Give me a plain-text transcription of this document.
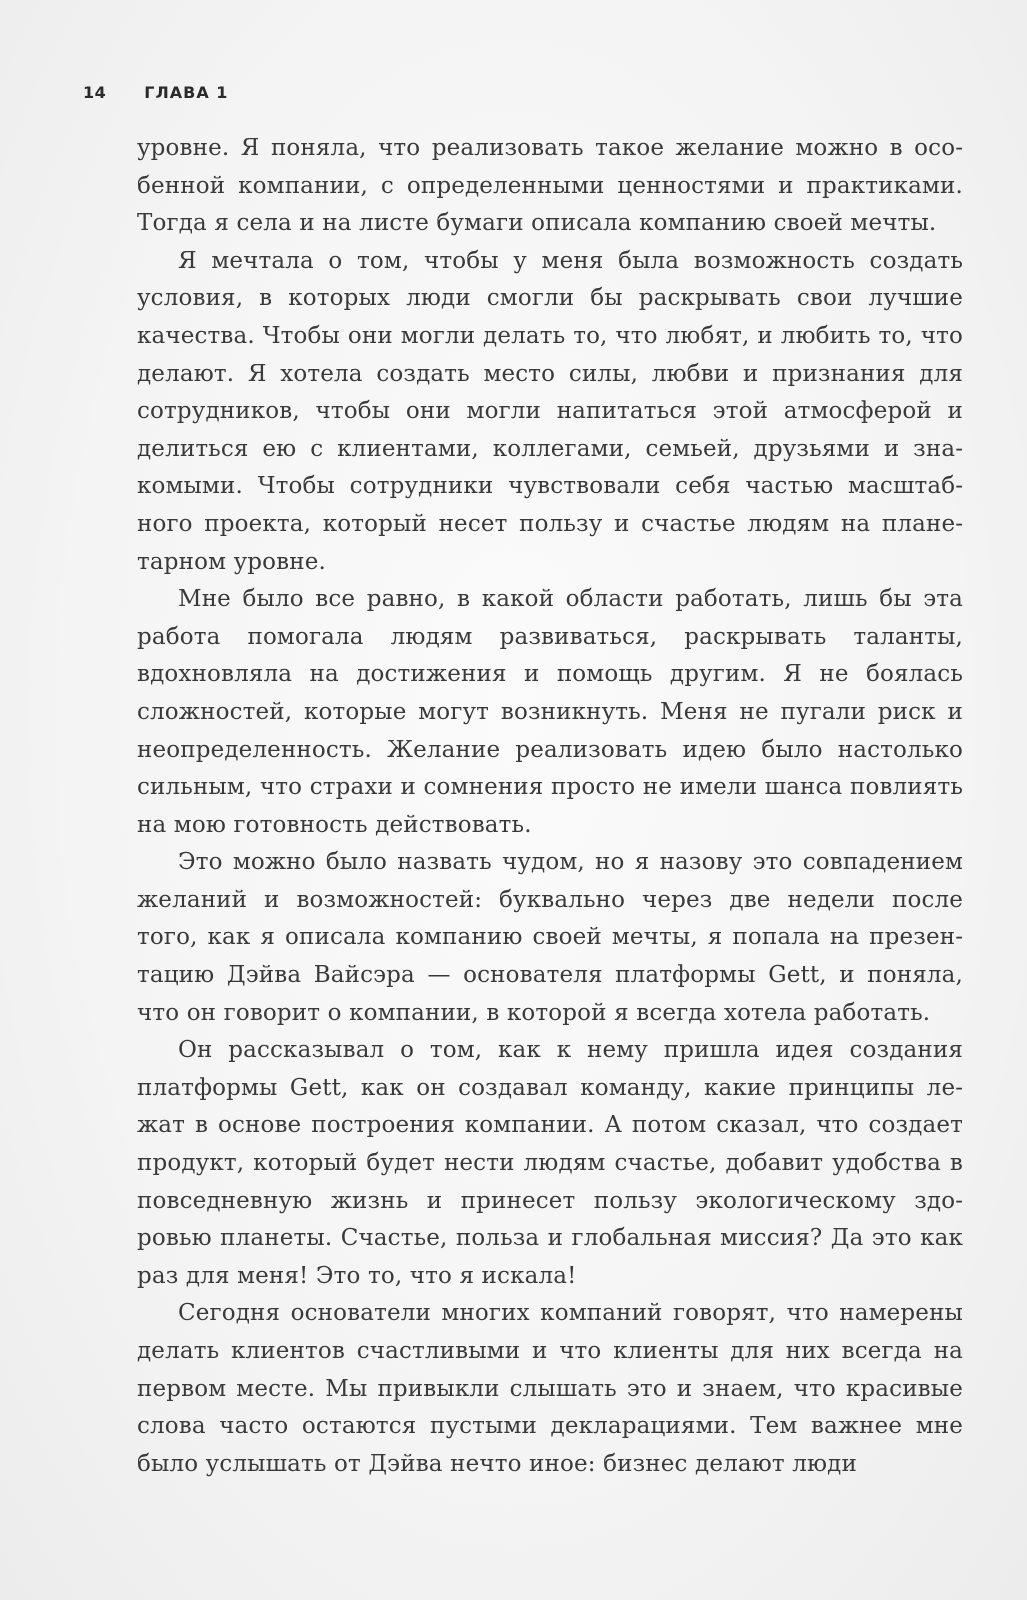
14 ГЛАВА 1

уровне. Я поняла, что реализовать такое желание можно в особенной компании, с определенными ценностями и практиками. Тогда я села и на листе бумаги описала компанию своей мечты.

Я мечтала о том, чтобы у меня была возможность создать условия, в которых люди смогли бы раскрывать свои лучшие качества. Чтобы они могли делать то, что любят, и любить то, что делают. Я хотела создать место силы, любви и признания для сотрудников, чтобы они могли напитаться этой атмосферой и делиться ею с клиентами, коллегами, семьей, друзьями и знакомыми. Чтобы сотрудники чувствовали себя частью масштабного проекта, который несет пользу и счастье людям на планетарном уровне.

Мне было все равно, в какой области работать, лишь бы эта работа помогала людям развиваться, раскрывать таланты, вдохновляла на достижения и помощь другим. Я не боялась сложностей, которые могут возникнуть. Меня не пугали риск и неопределенность. Желание реализовать идею было настолько сильным, что страхи и сомнения просто не имели шанса повлиять на мою готовность действовать.

Это можно было назвать чудом, но я назову это совпадением желаний и возможностей: буквально через две недели после того, как я описала компанию своей мечты, я попала на презентацию Дэйва Вайсэра — основателя платформы Gett, и поняла, что он говорит о компании, в которой я всегда хотела работать.

Он рассказывал о том, как к нему пришла идея создания платформы Gett, как он создавал команду, какие принципы лежат в основе построения компании. А потом сказал, что создает продукт, который будет нести людям счастье, добавит удобства в повседневную жизнь и принесет пользу экологическому здоровью планеты. Счастье, польза и глобальная миссия? Да это как раз для меня! Это то, что я искала!

Сегодня основатели многих компаний говорят, что намерены делать клиентов счастливыми и что клиенты для них всегда на первом месте. Мы привыкли слышать это и знаем, что красивые слова часто остаются пустыми декларациями. Тем важнее мне было услышать от Дэйва нечто иное: бизнес делают люди
